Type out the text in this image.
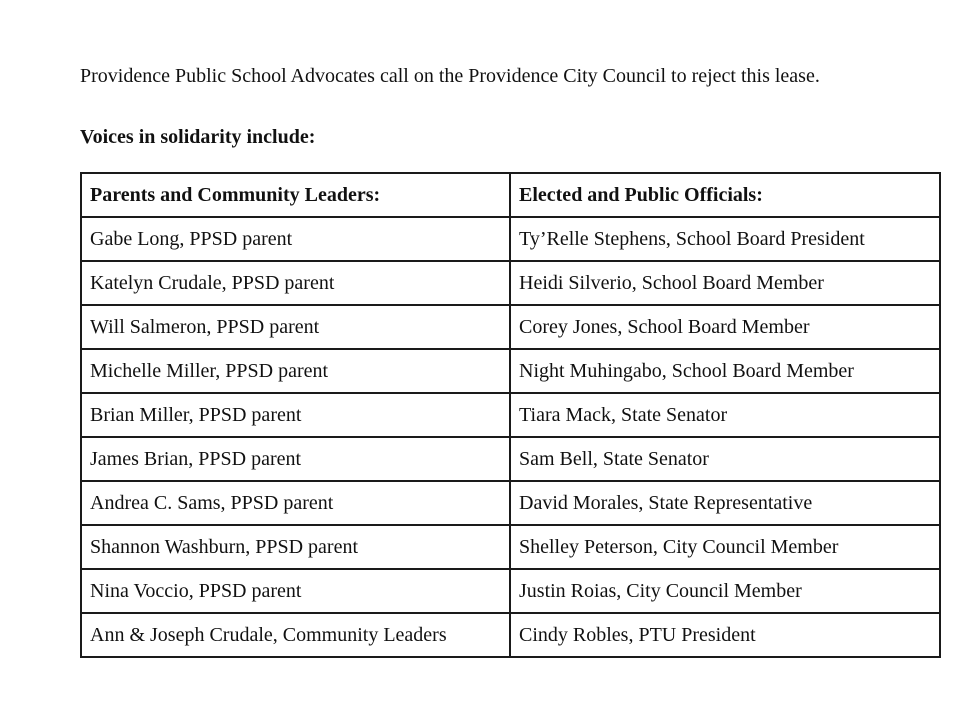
Providence Public School Advocates call on the Providence City Council to reject this lease.

Voices in solidarity include:

Parents and Community Leaders:	Elected and Public Officials:
Gabe Long, PPSD parent	Ty’Relle Stephens, School Board President
Katelyn Crudale, PPSD parent	Heidi Silverio, School Board Member
Will Salmeron, PPSD parent	Corey Jones, School Board Member
Michelle Miller, PPSD parent	Night Muhingabo, School Board Member
Brian Miller, PPSD parent	Tiara Mack, State Senator
James Brian, PPSD parent	Sam Bell, State Senator
Andrea C. Sams, PPSD parent	David Morales, State Representative
Shannon Washburn, PPSD parent	Shelley Peterson, City Council Member
Nina Voccio, PPSD parent	Justin Roias, City Council Member
Ann & Joseph Crudale, Community Leaders	Cindy Robles, PTU President
